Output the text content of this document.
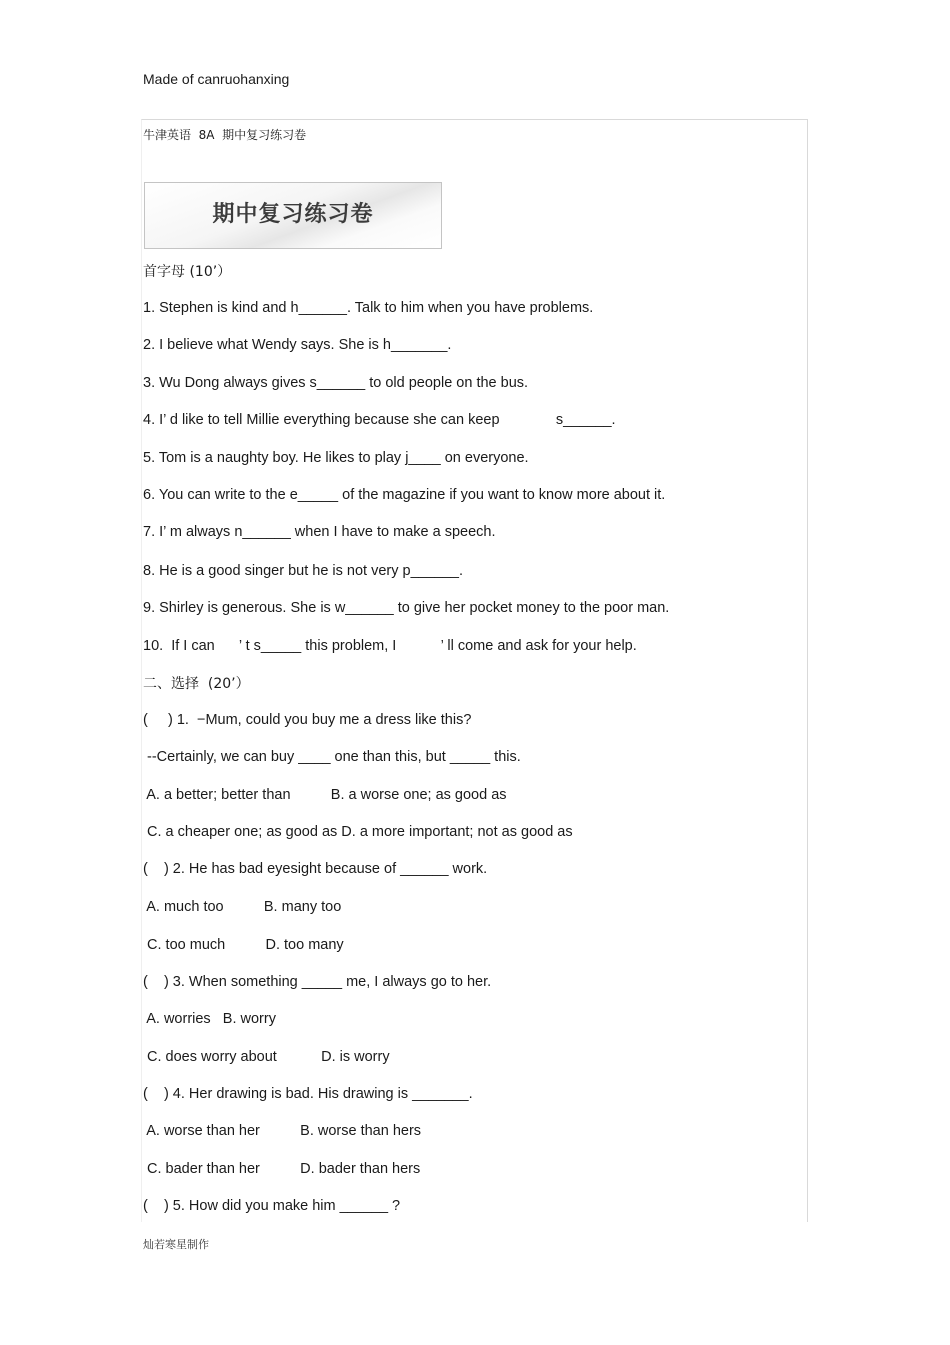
Made of canruohanxing
牛津英语  8A  期中复习练习卷
期中复习练习卷
首字母 (10’）
1. Stephen is kind and h______. Talk to him when you have problems.
2. I believe what Wendy says. She is h_______.
3. Wu Dong always gives s______ to old people on the bus.
4. I’ d like to tell Millie everything because she can keep              s______.
5. Tom is a naughty boy. He likes to play j____ on everyone.
6. You can write to the e_____ of the magazine if you want to know more about it.
7. I’ m always n______ when I have to make a speech.
8. He is a good singer but he is not very p______.
9. Shirley is generous. She is w______ to give her pocket money to the poor man.
10.  If I can      ’ t s_____ this problem, I           ’ ll come and ask for your help.
二、选择  (20’）
(     ) 1.  −Mum, could you buy me a dress like this?
--Certainly, we can buy ____ one than this, but _____ this.
A. a better; better than          B. a worse one; as good as
C. a cheaper one; as good as D. a more important; not as good as
(    ) 2. He has bad eyesight because of ______ work.
A. much too          B. many too
C. too much          D. too many
(    ) 3. When something _____ me, I always go to her.
A. worries   B. worry
C. does worry about           D. is worry
(    ) 4. Her drawing is bad. His drawing is _______.
A. worse than her          B. worse than hers
C. bader than her          D. bader than hers
(    ) 5. How did you make him ______ ?
灿若寒星制作
